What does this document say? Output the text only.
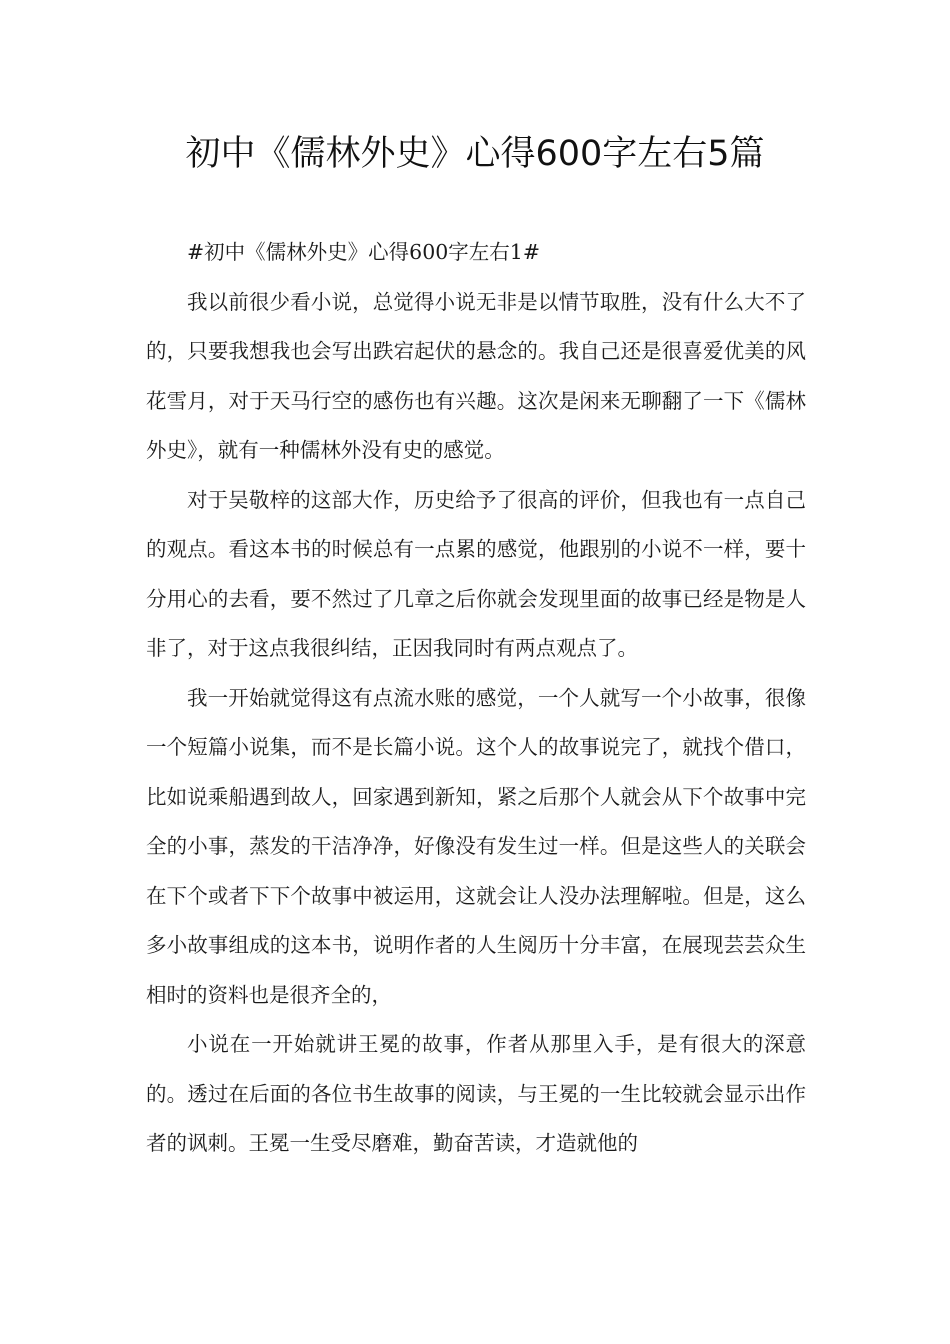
初中《儒林外史》心得600字左右5篇

#初中《儒林外史》心得600字左右1#

我以前很少看小说，总觉得小说无非是以情节取胜，没有什么大不了的，只要我想我也会写出跌宕起伏的悬念的。我自己还是很喜爱优美的风花雪月，对于天马行空的感伤也有兴趣。这次是闲来无聊翻了一下《儒林外史》，就有一种儒林外没有史的感觉。

对于吴敬梓的这部大作，历史给予了很高的评价，但我也有一点自己的观点。看这本书的时候总有一点累的感觉，他跟别的小说不一样，要十分用心的去看，要不然过了几章之后你就会发现里面的故事已经是物是人非了，对于这点我很纠结，正因我同时有两点观点了。

我一开始就觉得这有点流水账的感觉，一个人就写一个小故事，很像一个短篇小说集，而不是长篇小说。这个人的故事说完了，就找个借口，比如说乘船遇到故人，回家遇到新知，紧之后那个人就会从下个故事中完全的小事，蒸发的干洁净净，好像没有发生过一样。但是这些人的关联会在下个或者下下个故事中被运用，这就会让人没办法理解啦。但是，这么多小故事组成的这本书，说明作者的人生阅历十分丰富，在展现芸芸众生相时的资料也是很齐全的，

小说在一开始就讲王冕的故事，作者从那里入手，是有很大的深意的。透过在后面的各位书生故事的阅读，与王冕的一生比较就会显示出作者的讽刺。王冕一生受尽磨难，勤奋苦读，才造就他的
